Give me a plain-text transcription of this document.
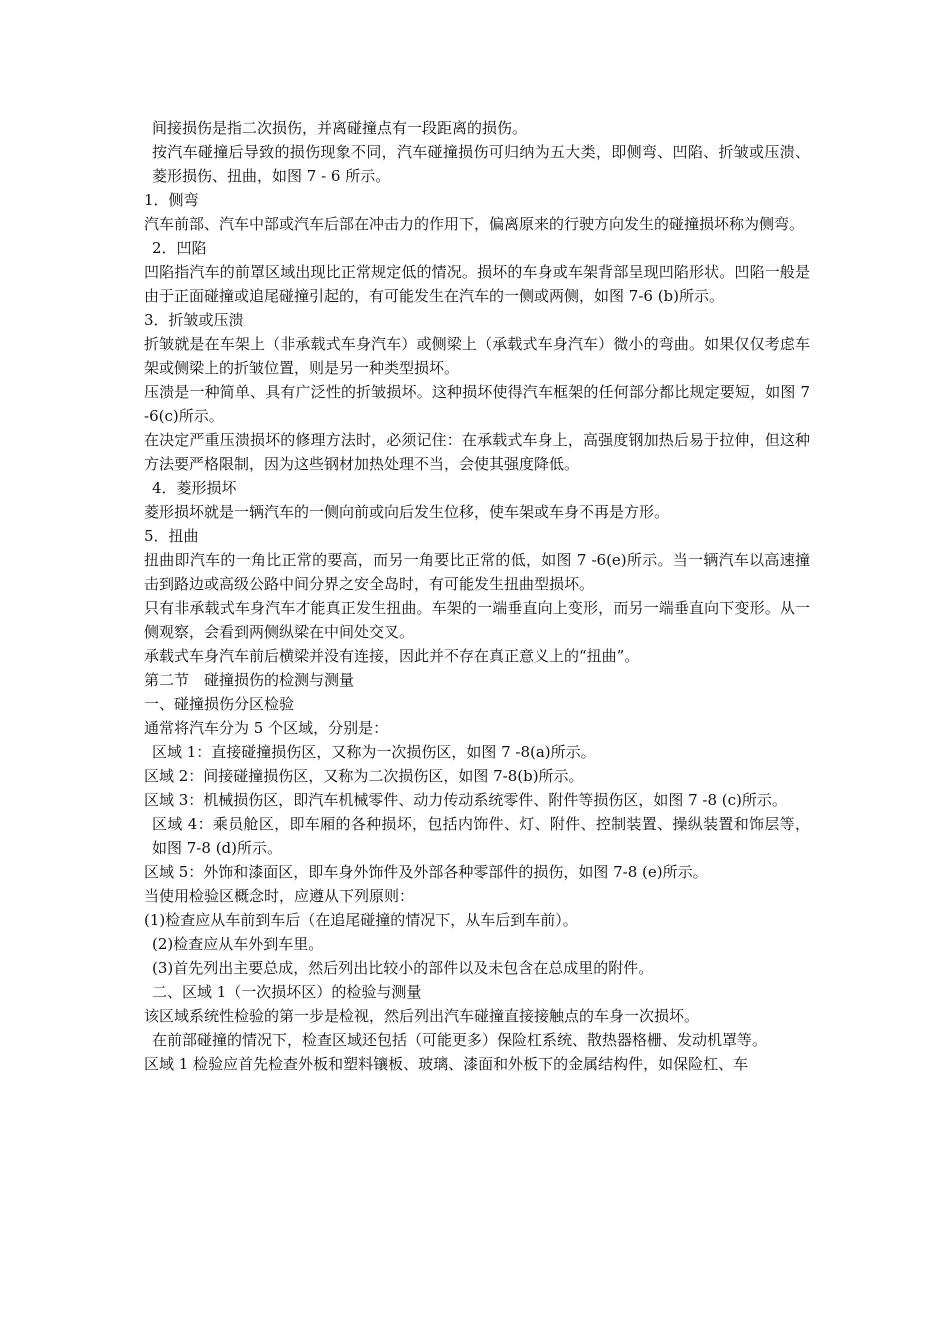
间接损伤是指二次损伤，并离碰撞点有一段距离的损伤。

按汽车碰撞后导致的损伤现象不同，汽车碰撞损伤可归纳为五大类，即侧弯、凹陷、折皱或压溃、菱形损伤、扭曲，如图 7 - 6 所示。

1．侧弯

汽车前部、汽车中部或汽车后部在冲击力的作用下，偏离原来的行驶方向发生的碰撞损坏称为侧弯。

2．凹陷

凹陷指汽车的前罩区域出现比正常规定低的情况。损坏的车身或车架背部呈现凹陷形状。凹陷一般是由于正面碰撞或追尾碰撞引起的，有可能发生在汽车的一侧或两侧，如图 7-6 (b)所示。

3．折皱或压溃

折皱就是在车架上（非承载式车身汽车）或侧梁上（承载式车身汽车）微小的弯曲。如果仅仅考虑车架或侧梁上的折皱位置，则是另一种类型损坏。

压溃是一种简单、具有广泛性的折皱损坏。这种损坏使得汽车框架的任何部分都比规定要短，如图 7 -6(c)所示。

在决定严重压溃损坏的修理方法时，必须记住：在承载式车身上，高强度钢加热后易于拉伸，但这种方法要严格限制，因为这些钢材加热处理不当，会使其强度降低。

4．菱形损坏

菱形损坏就是一辆汽车的一侧向前或向后发生位移，使车架或车身不再是方形。

5．扭曲

扭曲即汽车的一角比正常的要高，而另一角要比正常的低，如图 7 -6(e)所示。当一辆汽车以高速撞击到路边或高级公路中间分界之安全岛时，有可能发生扭曲型损坏。

只有非承载式车身汽车才能真正发生扭曲。车架的一端垂直向上变形，而另一端垂直向下变形。从一侧观察，会看到两侧纵梁在中间处交叉。

承载式车身汽车前后横梁并没有连接，因此并不存在真正意义上的“扭曲”。

第二节　碰撞损伤的检测与测量

一、碰撞损伤分区检验

通常将汽车分为 5 个区域，分别是：

区域 1：直接碰撞损伤区，又称为一次损伤区，如图 7 -8(a)所示。

区域 2：间接碰撞损伤区，又称为二次损伤区，如图 7-8(b)所示。

区域 3：机械损伤区，即汽车机械零件、动力传动系统零件、附件等损伤区，如图 7 -8 (c)所示。

区域 4：乘员舱区，即车厢的各种损坏，包括内饰件、灯、附件、控制装置、操纵装置和饰层等，如图 7-8 (d)所示。

区域 5：外饰和漆面区，即车身外饰件及外部各种零部件的损伤，如图 7-8 (e)所示。

当使用检验区概念时，应遵从下列原则：

(1)检查应从车前到车后（在追尾碰撞的情况下，从车后到车前）。

(2)检查应从车外到车里。

(3)首先列出主要总成，然后列出比较小的部件以及未包含在总成里的附件。

二、区域 1（一次损坏区）的检验与测量

该区域系统性检验的第一步是检视，然后列出汽车碰撞直接接触点的车身一次损坏。

在前部碰撞的情况下，检查区域还包括（可能更多）保险杠系统、散热器格栅、发动机罩等。

区域 1 检验应首先检查外板和塑料镶板、玻璃、漆面和外板下的金属结构件，如保险杠、车
